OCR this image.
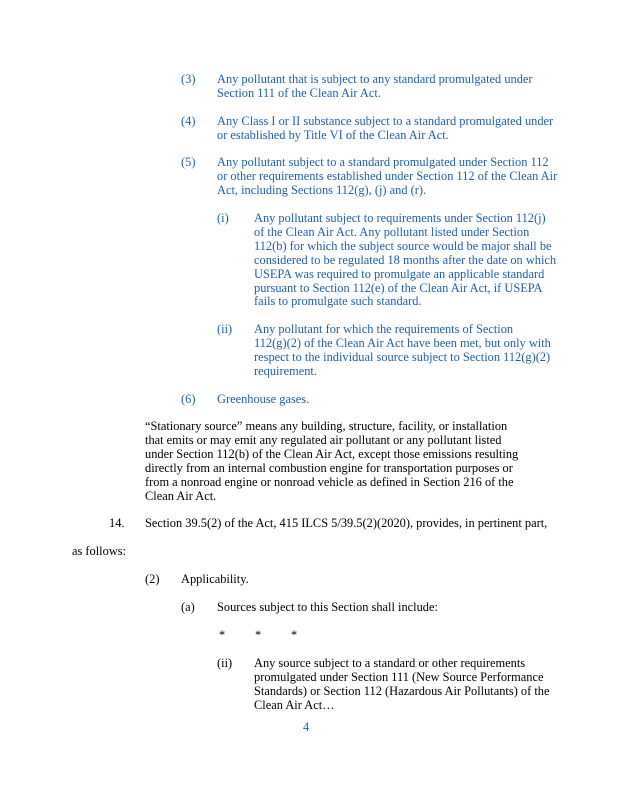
(3) Any pollutant that is subject to any standard promulgated under
Section 111 of the Clean Air Act.
(4) Any Class I or II substance subject to a standard promulgated under
or established by Title VI of the Clean Air Act.
(5) Any pollutant subject to a standard promulgated under Section 112
or other requirements established under Section 112 of the Clean Air
Act, including Sections 112(g), (j) and (r).
(i) Any pollutant subject to requirements under Section 112(j)
of the Clean Air Act. Any pollutant listed under Section
112(b) for which the subject source would be major shall be
considered to be regulated 18 months after the date on which
USEPA was required to promulgate an applicable standard
pursuant to Section 112(e) of the Clean Air Act, if USEPA
fails to promulgate such standard.
(ii) Any pollutant for which the requirements of Section
112(g)(2) of the Clean Air Act have been met, but only with
respect to the individual source subject to Section 112(g)(2)
requirement.
(6) Greenhouse gases.
“Stationary source” means any building, structure, facility, or installation
that emits or may emit any regulated air pollutant or any pollutant listed
under Section 112(b) of the Clean Air Act, except those emissions resulting
directly from an internal combustion engine for transportation purposes or
from a nonroad engine or nonroad vehicle as defined in Section 216 of the
Clean Air Act.
14. Section 39.5(2) of the Act, 415 ILCS 5/39.5(2)(2020), provides, in pertinent part,
as follows:
(2) Applicability.
(a) Sources subject to this Section shall include:
* * *
(ii) Any source subject to a standard or other requirements
promulgated under Section 111 (New Source Performance
Standards) or Section 112 (Hazardous Air Pollutants) of the
Clean Air Act…
4
